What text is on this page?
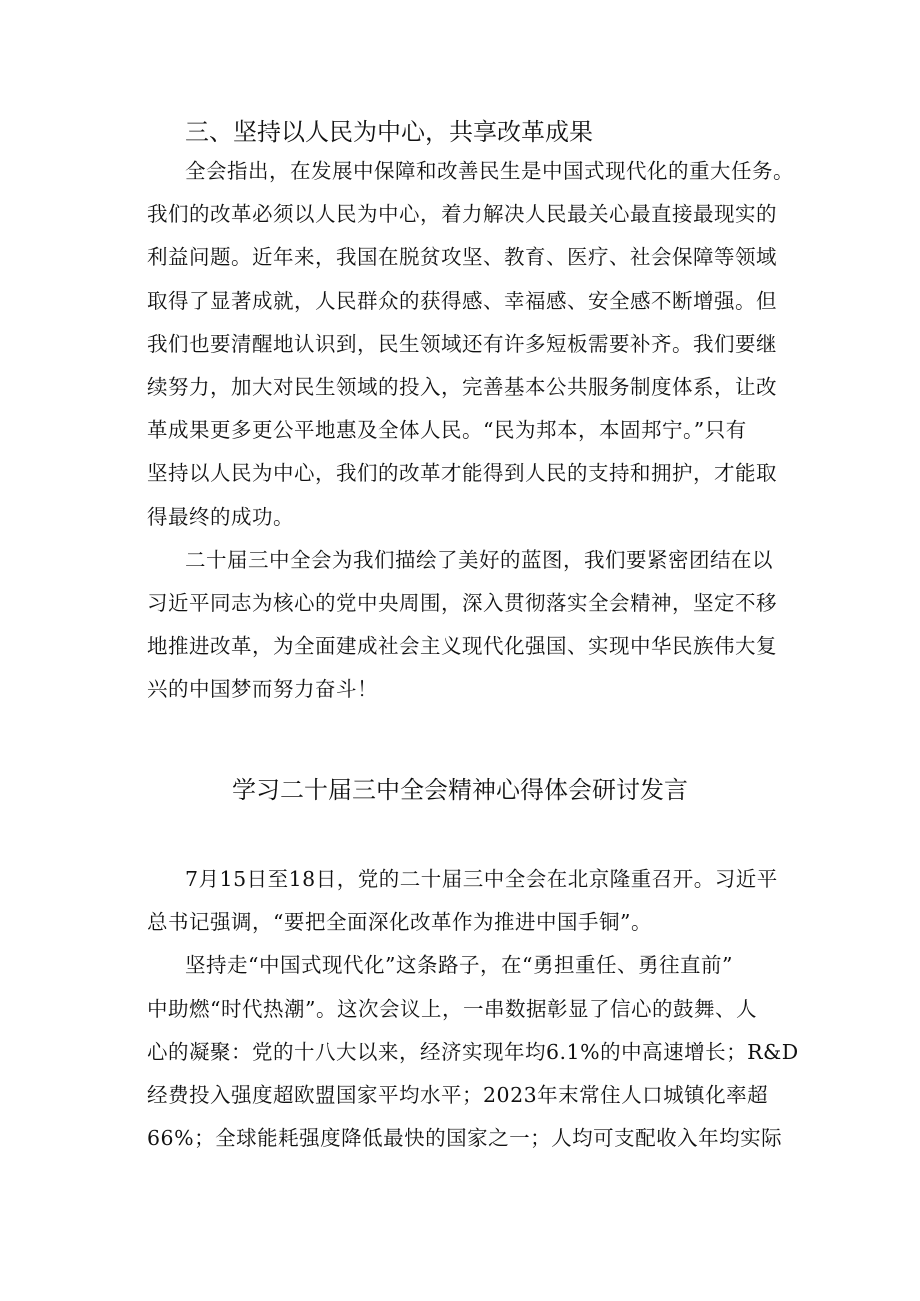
三、坚持以人民为中心，共享改革成果
全会指出，在发展中保障和改善民生是中国式现代化的重大任务。
我们的改革必须以人民为中心，着力解决人民最关心最直接最现实的
利益问题。近年来，我国在脱贫攻坚、教育、医疗、社会保障等领域
取得了显著成就，人民群众的获得感、幸福感、安全感不断增强。但
我们也要清醒地认识到，民生领域还有许多短板需要补齐。我们要继
续努力，加大对民生领域的投入，完善基本公共服务制度体系，让改
革成果更多更公平地惠及全体人民。“民为邦本，本固邦宁。”只有
坚持以人民为中心，我们的改革才能得到人民的支持和拥护，才能取
得最终的成功。
二十届三中全会为我们描绘了美好的蓝图，我们要紧密团结在以
习近平同志为核心的党中央周围，深入贯彻落实全会精神，坚定不移
地推进改革，为全面建成社会主义现代化强国、实现中华民族伟大复
兴的中国梦而努力奋斗！
学习二十届三中全会精神心得体会研讨发言
7月15日至18日，党的二十届三中全会在北京隆重召开。习近平
总书记强调，“要把全面深化改革作为推进中国手铜”。
坚持走“中国式现代化”这条路子，在“勇担重任、勇往直前”
中助燃“时代热潮”。这次会议上，一串数据彰显了信心的鼓舞、人
心的凝聚：党的十八大以来，经济实现年均6.1%的中高速增长；R&D
经费投入强度超欧盟国家平均水平；2023年末常住人口城镇化率超
66%；全球能耗强度降低最快的国家之一；人均可支配收入年均实际
